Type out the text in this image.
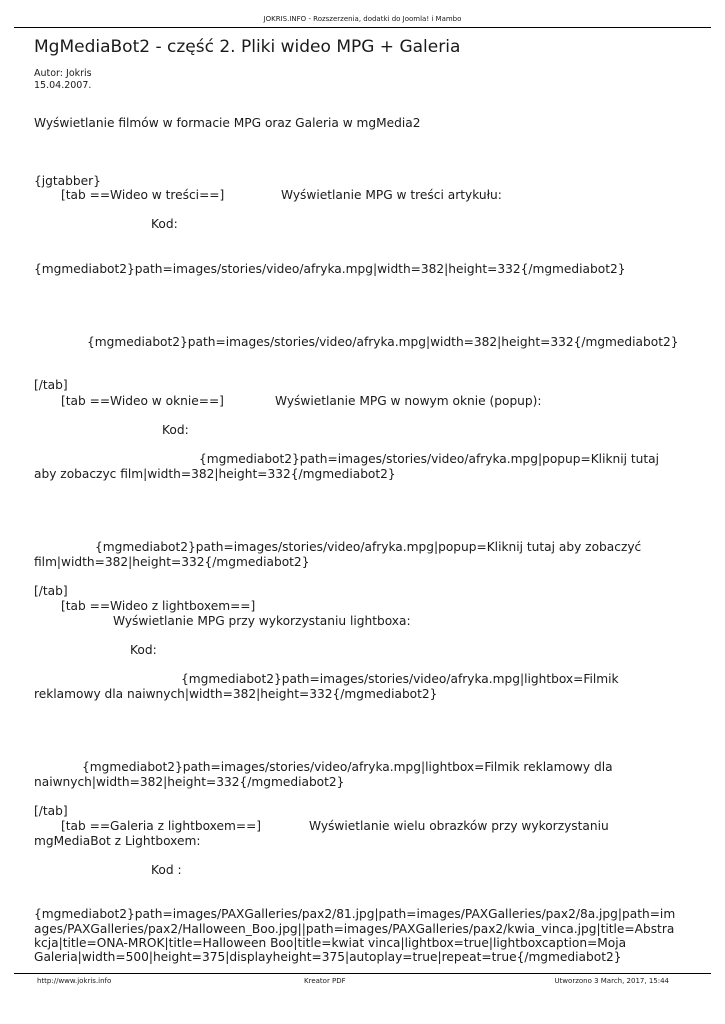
JOKRIS.INFO - Rozszerzenia, dodatki do Joomla! i Mambo
MgMediaBot2 - część 2. Pliki wideo MPG + Galeria
Autor: Jokris
15.04.2007.
Wyświetlanie filmów w formacie MPG oraz Galeria w mgMedia2
{jgtabber}
[tab ==Wideo w treści==]	Wyświetlanie MPG w treści artykułu:
Kod:
{mgmediabot2}path=images/stories/video/afryka.mpg|width=382|height=332{/mgmediabot2}
{mgmediabot2}path=images/stories/video/afryka.mpg|width=382|height=332{/mgmediabot2}
[/tab]
[tab ==Wideo w oknie==]	Wyświetlanie MPG w nowym oknie (popup):
Kod:
{mgmediabot2}path=images/stories/video/afryka.mpg|popup=Kliknij tutaj
aby zobaczyc film|width=382|height=332{/mgmediabot2}
{mgmediabot2}path=images/stories/video/afryka.mpg|popup=Kliknij tutaj aby zobaczyć
film|width=382|height=332{/mgmediabot2}
[/tab]
[tab ==Wideo z lightboxem==]
Wyświetlanie MPG przy wykorzystaniu lightboxa:
Kod:
{mgmediabot2}path=images/stories/video/afryka.mpg|lightbox=Filmik
reklamowy dla naiwnych|width=382|height=332{/mgmediabot2}
{mgmediabot2}path=images/stories/video/afryka.mpg|lightbox=Filmik reklamowy dla
naiwnych|width=382|height=332{/mgmediabot2}
[/tab]
[tab ==Galeria z lightboxem==]	Wyświetlanie wielu obrazków przy wykorzystaniu
mgMediaBot z Lightboxem:
Kod :
{mgmediabot2}path=images/PAXGalleries/pax2/81.jpg|path=images/PAXGalleries/pax2/8a.jpg|path=im
ages/PAXGalleries/pax2/Halloween_Boo.jpg||path=images/PAXGalleries/pax2/kwia_vinca.jpg|title=Abstra
kcja|title=ONA-MROK|title=Halloween Boo|title=kwiat vinca|lightbox=true|lightboxcaption=Moja
Galeria|width=500|height=375|displayheight=375|autoplay=true|repeat=true{/mgmediabot2}
http://www.jokris.info	Kreator PDF	Utworzono 3 March, 2017, 15:44
